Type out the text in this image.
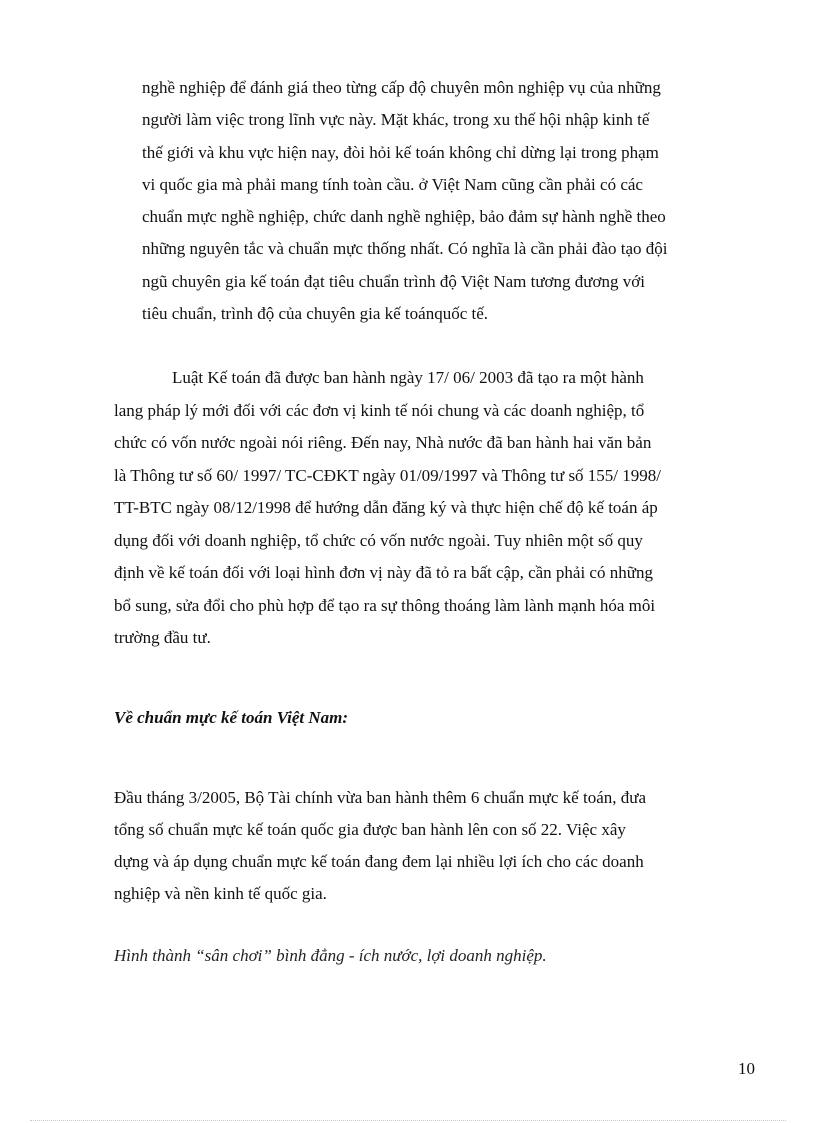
nghề nghiệp để đánh giá theo từng cấp độ chuyên môn nghiệp vụ của những
người làm việc trong lĩnh vực này. Mặt khác, trong xu thế hội nhập kinh tế
thế giới và khu vực hiện nay, đòi hỏi kế toán không chỉ dừng lại trong phạm
vi quốc gia mà phải mang tính toàn cầu. ở Việt Nam cũng cần phải có các
chuẩn mực nghề nghiệp, chức danh nghề nghiệp, bảo đảm sự hành nghề theo
những nguyên tắc và chuẩn mực thống nhất. Có nghĩa là cần phải đào tạo đội
ngũ chuyên gia kế toán đạt tiêu chuẩn trình độ Việt Nam tương đương với
tiêu chuẩn, trình độ của chuyên gia kế toánquốc tế.
Luật Kế toán đã được ban hành ngày 17/ 06/ 2003 đã tạo ra một hành
lang pháp lý mới đối với các đơn vị kinh tế nói chung và các doanh nghiệp, tổ
chức có vốn nước ngoài nói riêng. Đến nay, Nhà nước đã ban hành hai văn bản
là Thông tư số 60/ 1997/ TC-CĐKT ngày 01/09/1997 và Thông tư số 155/ 1998/
TT-BTC ngày 08/12/1998 để hướng dẫn đăng ký và thực hiện chế độ kế toán áp
dụng đối với doanh nghiệp, tổ chức có vốn nước ngoài. Tuy nhiên một số quy
định về kế toán đối với loại hình đơn vị này đã tỏ ra bất cập, cần phải có những
bổ sung, sửa đổi cho phù hợp để tạo ra sự thông thoáng làm lành mạnh hóa môi
trường đầu tư.
Về chuẩn mực kế toán Việt Nam:
Đầu tháng 3/2005, Bộ Tài chính vừa ban hành thêm 6 chuẩn mực kế toán, đưa
tổng số chuẩn mực kế toán quốc gia được ban hành lên con số 22. Việc xây
dựng và áp dụng chuẩn mực kế toán đang đem lại nhiều lợi ích cho các doanh
nghiệp và nền kinh tế quốc gia.
Hình thành “sân chơi” bình đẳng - ích nước, lợi doanh nghiệp.
10
